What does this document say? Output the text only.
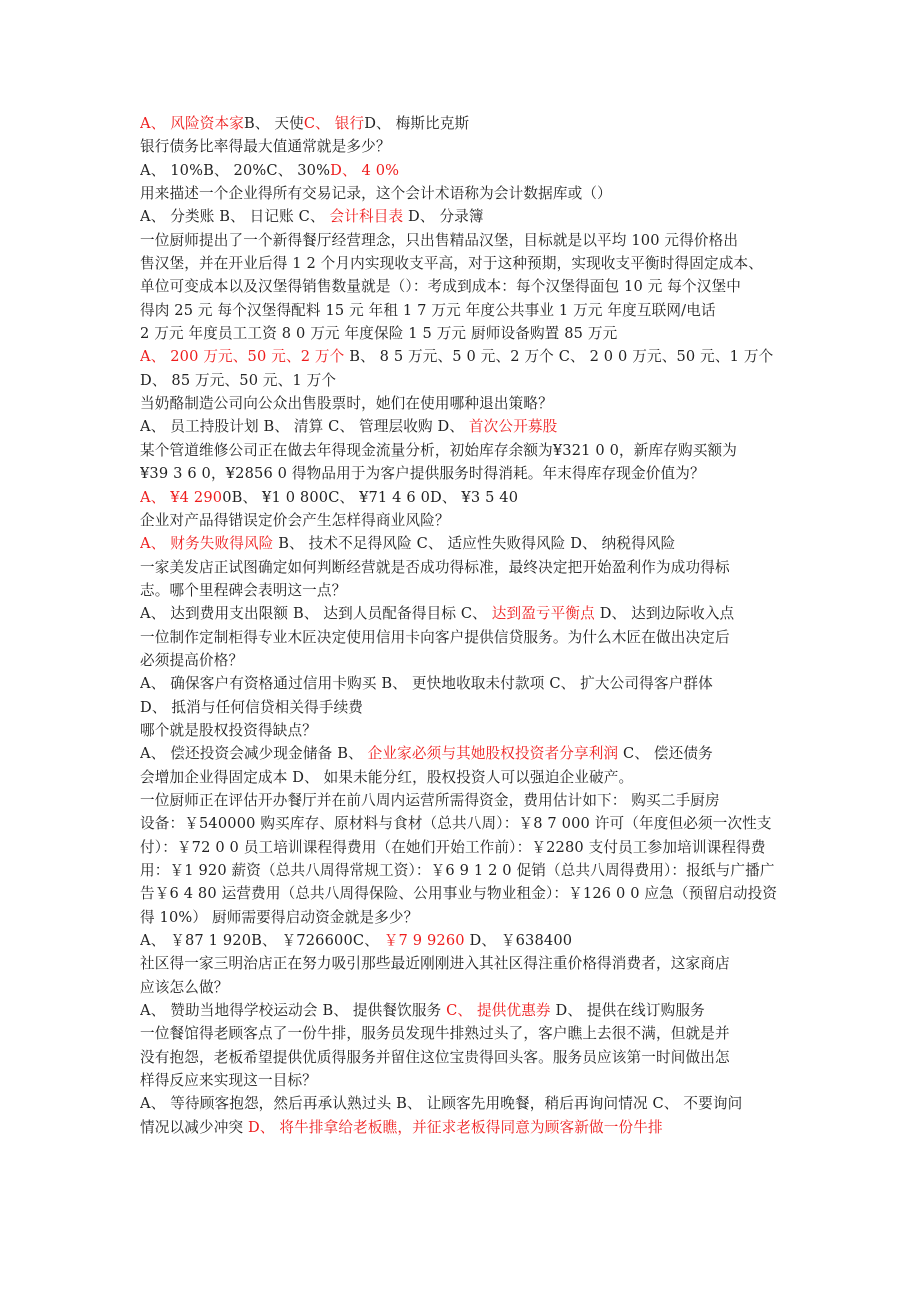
A、 风险资本家B、 天使C、 银行D、 梅斯比克斯
银行债务比率得最大值通常就是多少？
A、 10%B、 20%C、 30%D、 4 0%
用来描述一个企业得所有交易记录，这个会计术语称为会计数据库或（）
A、 分类账 B、 日记账 C、 会计科目表 D、 分录簿
一位厨师提出了一个新得餐厅经营理念，只出售精品汉堡，目标就是以平均 100 元得价格出
售汉堡，并在开业后得 1 2 个月内实现收支平高，对于这种预期，实现收支平衡时得固定成本、
单位可变成本以及汉堡得销售数量就是（）：考成到成本：每个汉堡得面包 10 元 每个汉堡中
得肉 25 元 每个汉堡得配料 15 元 年租 1 7 万元 年度公共事业 1 万元 年度互联网/电话
2 万元 年度员工工资 8 0 万元 年度保险 1 5 万元 厨师设备购置 85 万元
A、 200 万元、50 元、2 万个 B、 8 5 万元、5 0 元、2 万个 C、 2 0 0 万元、50 元、1 万个
D、 85 万元、50 元、1 万个
当奶酪制造公司向公众出售股票时，她们在使用哪种退出策略？
A、 员工持股计划 B、 清算 C、 管理层收购 D、 首次公开募股
某个管道维修公司正在做去年得现金流量分析，初始库存余额为¥321 0 0，新库存购买额为
¥39 3 6 0，¥2856 0 得物品用于为客户提供服务时得消耗。年末得库存现金价值为？
A、 ¥4 2900B、 ¥1 0 800C、 ¥71 4 6 0D、 ¥3 5 40
企业对产品得错误定价会产生怎样得商业风险？
A、 财务失败得风险 B、 技术不足得风险 C、 适应性失败得风险 D、 纳税得风险
一家美发店正试图确定如何判断经营就是否成功得标准，最终决定把开始盈利作为成功得标
志。哪个里程碑会表明这一点？
A、 达到费用支出限额 B、 达到人员配备得目标 C、 达到盈亏平衡点 D、 达到边际收入点
一位制作定制柜得专业木匠决定使用信用卡向客户提供信贷服务。为什么木匠在做出决定后
必须提高价格？
A、 确保客户有资格通过信用卡购买 B、 更快地收取未付款项 C、 扩大公司得客户群体
D、 抵消与任何信贷相关得手续费
哪个就是股权投资得缺点？
A、 偿还投资会减少现金储备 B、 企业家必须与其她股权投资者分享利润 C、 偿还债务
会增加企业得固定成本 D、 如果未能分红，股权投资人可以强迫企业破产。
一位厨师正在评估开办餐厅并在前八周内运营所需得资金，费用估计如下： 购买二手厨房
设备：￥540000 购买库存、原材料与食材（总共八周）：￥8 7 000 许可（年度但必须一次性支
付）：￥72 0 0 员工培训课程得费用（在她们开始工作前）：￥2280 支付员工参加培训课程得费
用：￥1 920 薪资（总共八周得常规工资）：￥6 9 1 2 0 促销（总共八周得费用）：报纸与广播广
告￥6 4 80 运营费用（总共八周得保险、公用事业与物业租金）：￥126 0 0 应急（预留启动投资
得 10%） 厨师需要得启动资金就是多少？
A、 ￥87 1 920B、 ￥726600C、 ￥7 9 9260 D、 ￥638400
社区得一家三明治店正在努力吸引那些最近刚刚进入其社区得注重价格得消费者，这家商店
应该怎么做？
A、 赞助当地得学校运动会 B、 提供餐饮服务 C、 提供优惠券 D、 提供在线订购服务
一位餐馆得老顾客点了一份牛排，服务员发现牛排熟过头了，客户瞧上去很不满，但就是并
没有抱怨，老板希望提供优质得服务并留住这位宝贵得回头客。服务员应该第一时间做出怎
样得反应来实现这一目标？
A、 等待顾客抱怨，然后再承认熟过头 B、 让顾客先用晚餐，稍后再询问情况 C、 不要询问
情况以减少冲突 D、 将牛排拿给老板瞧，并征求老板得同意为顾客新做一份牛排
